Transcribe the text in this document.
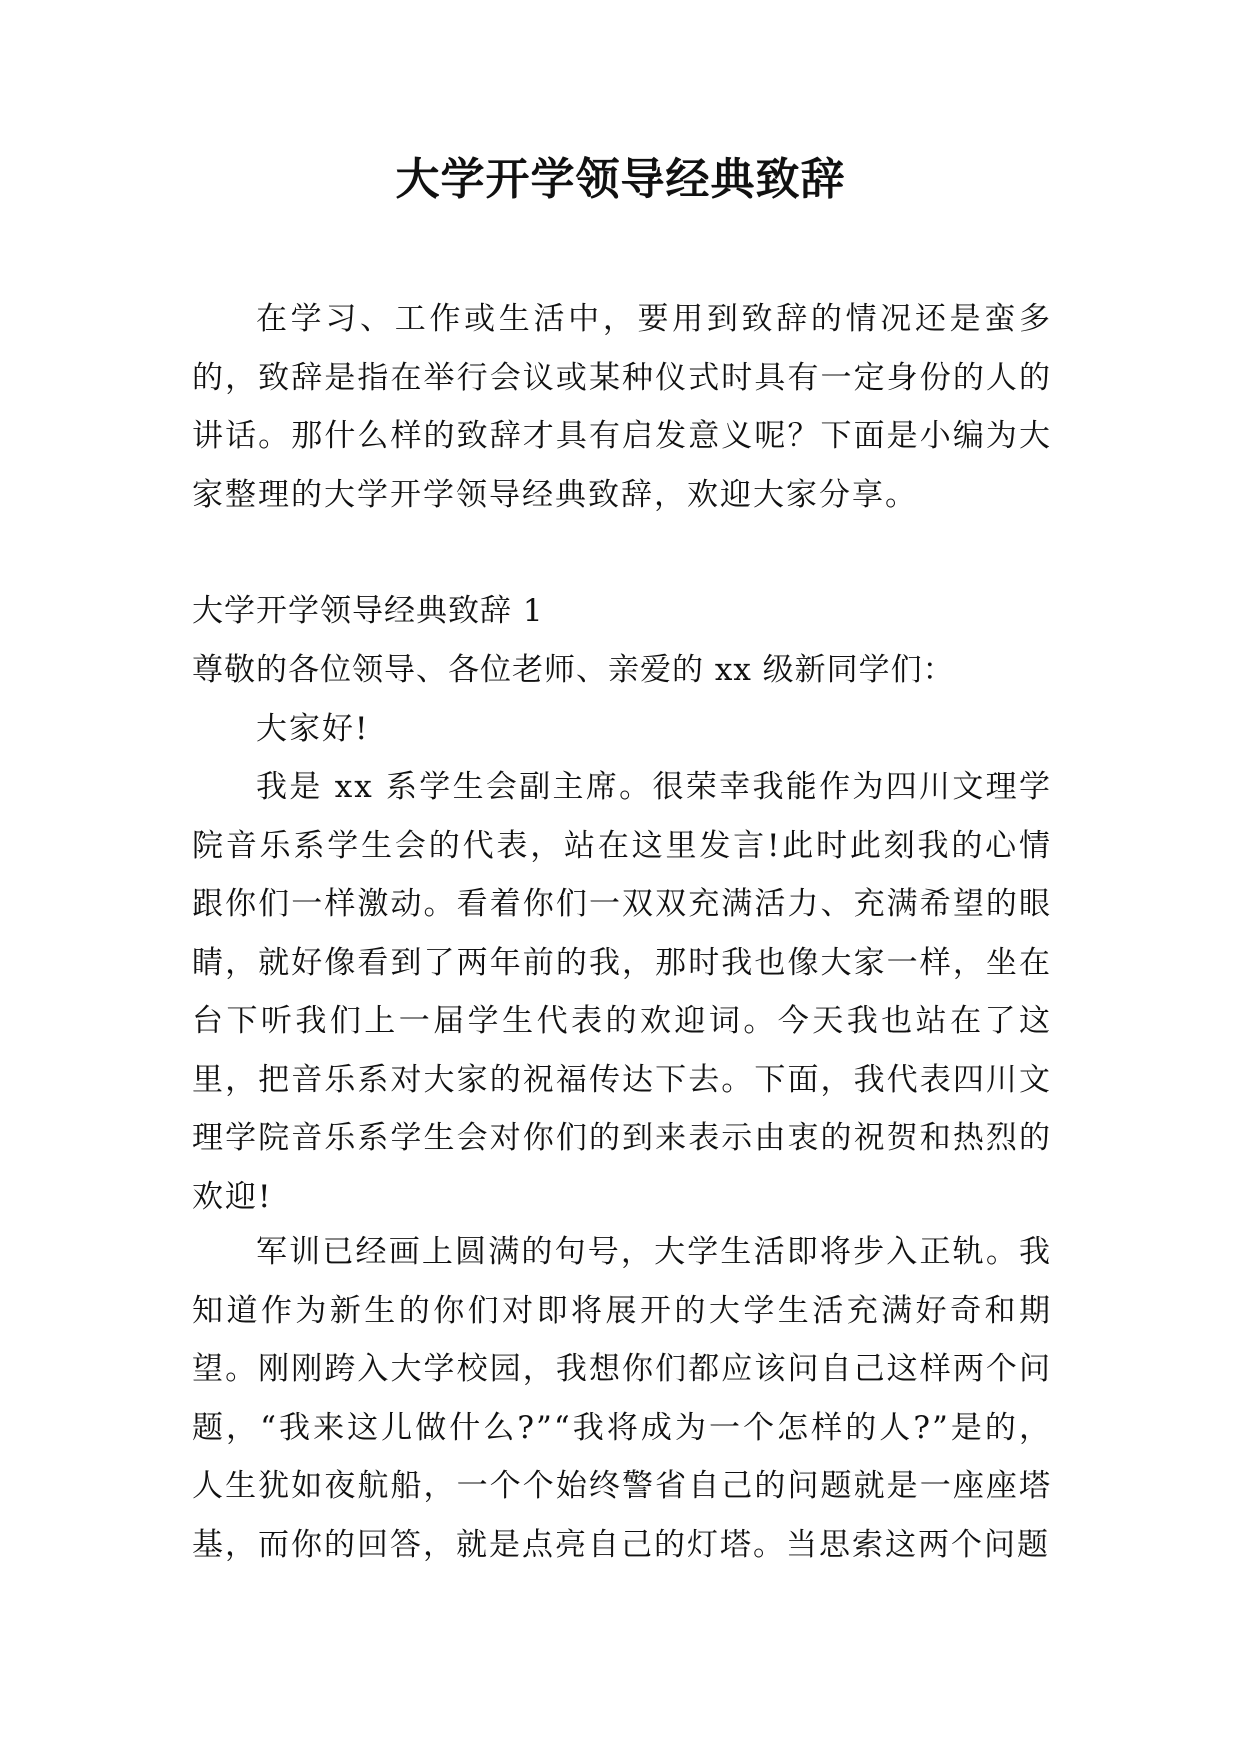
大学开学领导经典致辞

在学习、工作或生活中，要用到致辞的情况还是蛮多的，致辞是指在举行会议或某种仪式时具有一定身份的人的讲话。那什么样的致辞才具有启发意义呢？下面是小编为大家整理的大学开学领导经典致辞，欢迎大家分享。

大学开学领导经典致辞 1

尊敬的各位领导、各位老师、亲爱的 xx 级新同学们：

大家好!

我是 xx 系学生会副主席。很荣幸我能作为四川文理学院音乐系学生会的代表，站在这里发言!此时此刻我的心情跟你们一样激动。看着你们一双双充满活力、充满希望的眼睛，就好像看到了两年前的我，那时我也像大家一样，坐在台下听我们上一届学生代表的欢迎词。今天我也站在了这里，把音乐系对大家的祝福传达下去。下面，我代表四川文理学院音乐系学生会对你们的到来表示由衷的祝贺和热烈的欢迎!

军训已经画上圆满的句号，大学生活即将步入正轨。我知道作为新生的你们对即将展开的大学生活充满好奇和期望。刚刚跨入大学校园，我想你们都应该问自己这样两个问题，“我来这儿做什么?”“我将成为一个怎样的人?”是的，人生犹如夜航船，一个个始终警省自己的问题就是一座座塔基，而你的回答，就是点亮自己的灯塔。当思索这两个问题
